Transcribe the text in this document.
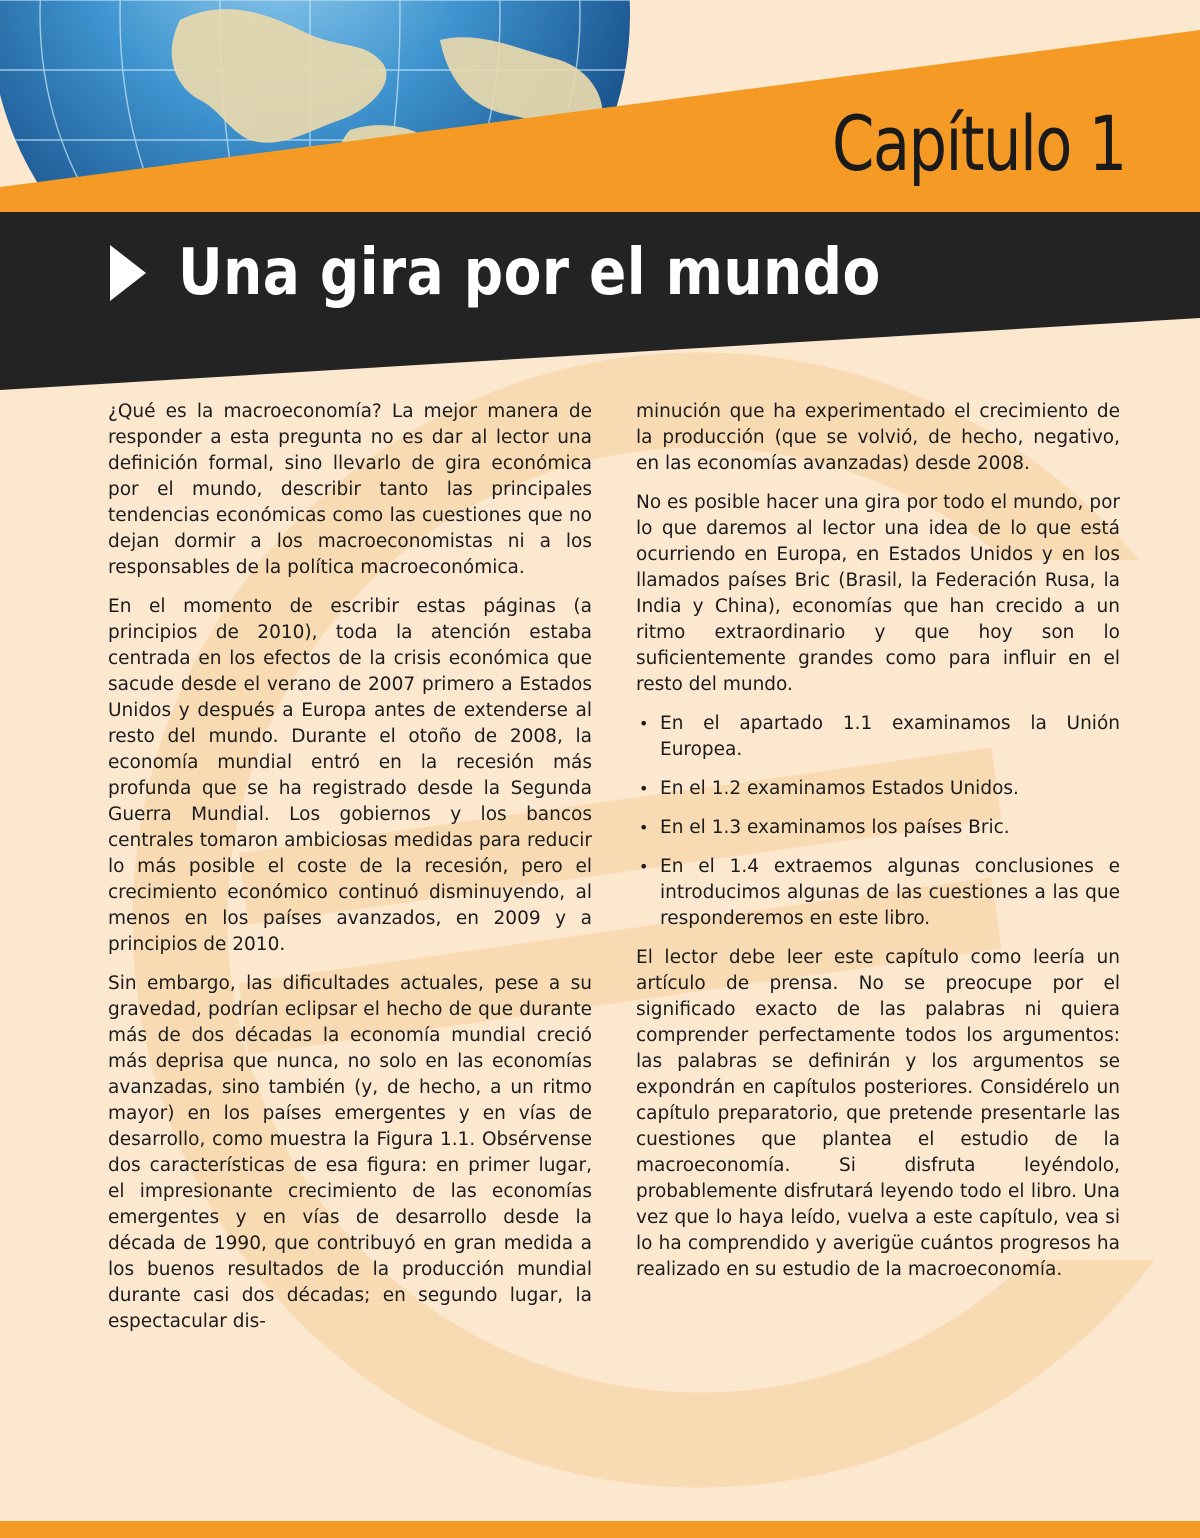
Capítulo 1
Una gira por el mundo

¿Qué es la macroeconomía? La mejor manera de responder a esta pregunta no es dar al lector una definición formal, sino llevarlo de gira económica por el mundo, describir tanto las principales tendencias económicas como las cuestiones que no dejan dormir a los macroeconomistas ni a los responsables de la política macroeconómica.

En el momento de escribir estas páginas (a principios de 2010), toda la atención estaba centrada en los efectos de la crisis económica que sacude desde el verano de 2007 primero a Estados Unidos y después a Europa antes de extenderse al resto del mundo. Durante el otoño de 2008, la economía mundial entró en la recesión más profunda que se ha registrado desde la Segunda Guerra Mundial. Los gobiernos y los bancos centrales tomaron ambiciosas medidas para reducir lo más posible el coste de la recesión, pero el crecimiento económico continuó disminuyendo, al menos en los países avanzados, en 2009 y a principios de 2010.

Sin embargo, las dificultades actuales, pese a su gravedad, podrían eclipsar el hecho de que durante más de dos décadas la economía mundial creció más deprisa que nunca, no solo en las economías avanzadas, sino también (y, de hecho, a un ritmo mayor) en los países emergentes y en vías de desarrollo, como muestra la Figura 1.1. Obsérvense dos características de esa figura: en primer lugar, el impresionante crecimiento de las economías emergentes y en vías de desarrollo desde la década de 1990, que contribuyó en gran medida a los buenos resultados de la producción mundial durante casi dos décadas; en segundo lugar, la espectacular dis-

minución que ha experimentado el crecimiento de la producción (que se volvió, de hecho, negativo, en las economías avanzadas) desde 2008.

No es posible hacer una gira por todo el mundo, por lo que daremos al lector una idea de lo que está ocurriendo en Europa, en Estados Unidos y en los llamados países Bric (Brasil, la Federación Rusa, la India y China), economías que han crecido a un ritmo extraordinario y que hoy son lo suficientemente grandes como para influir en el resto del mundo.

• En el apartado 1.1 examinamos la Unión Europea.
• En el 1.2 examinamos Estados Unidos.
• En el 1.3 examinamos los países Bric.
• En el 1.4 extraemos algunas conclusiones e introducimos algunas de las cuestiones a las que responderemos en este libro.

El lector debe leer este capítulo como leería un artículo de prensa. No se preocupe por el significado exacto de las palabras ni quiera comprender perfectamente todos los argumentos: las palabras se definirán y los argumentos se expondrán en capítulos posteriores. Considérelo un capítulo preparatorio, que pretende presentarle las cuestiones que plantea el estudio de la macroeconomía. Si disfruta leyéndolo, probablemente disfrutará leyendo todo el libro. Una vez que lo haya leído, vuelva a este capítulo, vea si lo ha comprendido y averigüe cuántos progresos ha realizado en su estudio de la macroeconomía.
